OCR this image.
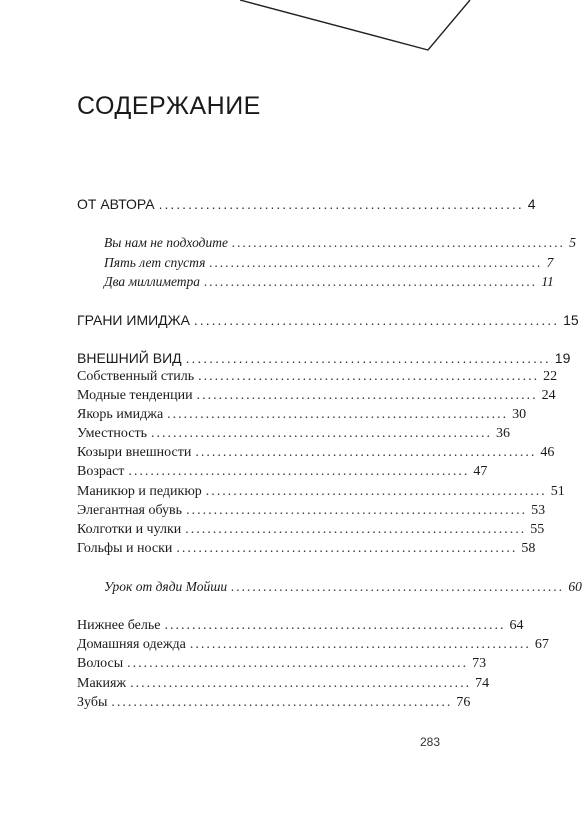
СОДЕРЖАНИЕ
ОТ АВТОРА .............................................................. 4
Вы нам не подходите .............................................................. 5
Пять лет спустя .............................................................. 7
Два миллиметра .............................................................. 11
ГРАНИ ИМИДЖА .............................................................. 15
ВНЕШНИЙ ВИД .............................................................. 19
Собственный стиль .............................................................. 22
Модные тенденции .............................................................. 24
Якорь имиджа .............................................................. 30
Уместность .............................................................. 36
Козыри внешности .............................................................. 46
Возраст .............................................................. 47
Маникюр и педикюр .............................................................. 51
Элегантная обувь .............................................................. 53
Колготки и чулки .............................................................. 55
Гольфы и носки .............................................................. 58
Урок от дяди Мойши .............................................................. 60
Нижнее белье .............................................................. 64
Домашняя одежда .............................................................. 67
Волосы .............................................................. 73
Макияж .............................................................. 74
Зубы .............................................................. 76
283
